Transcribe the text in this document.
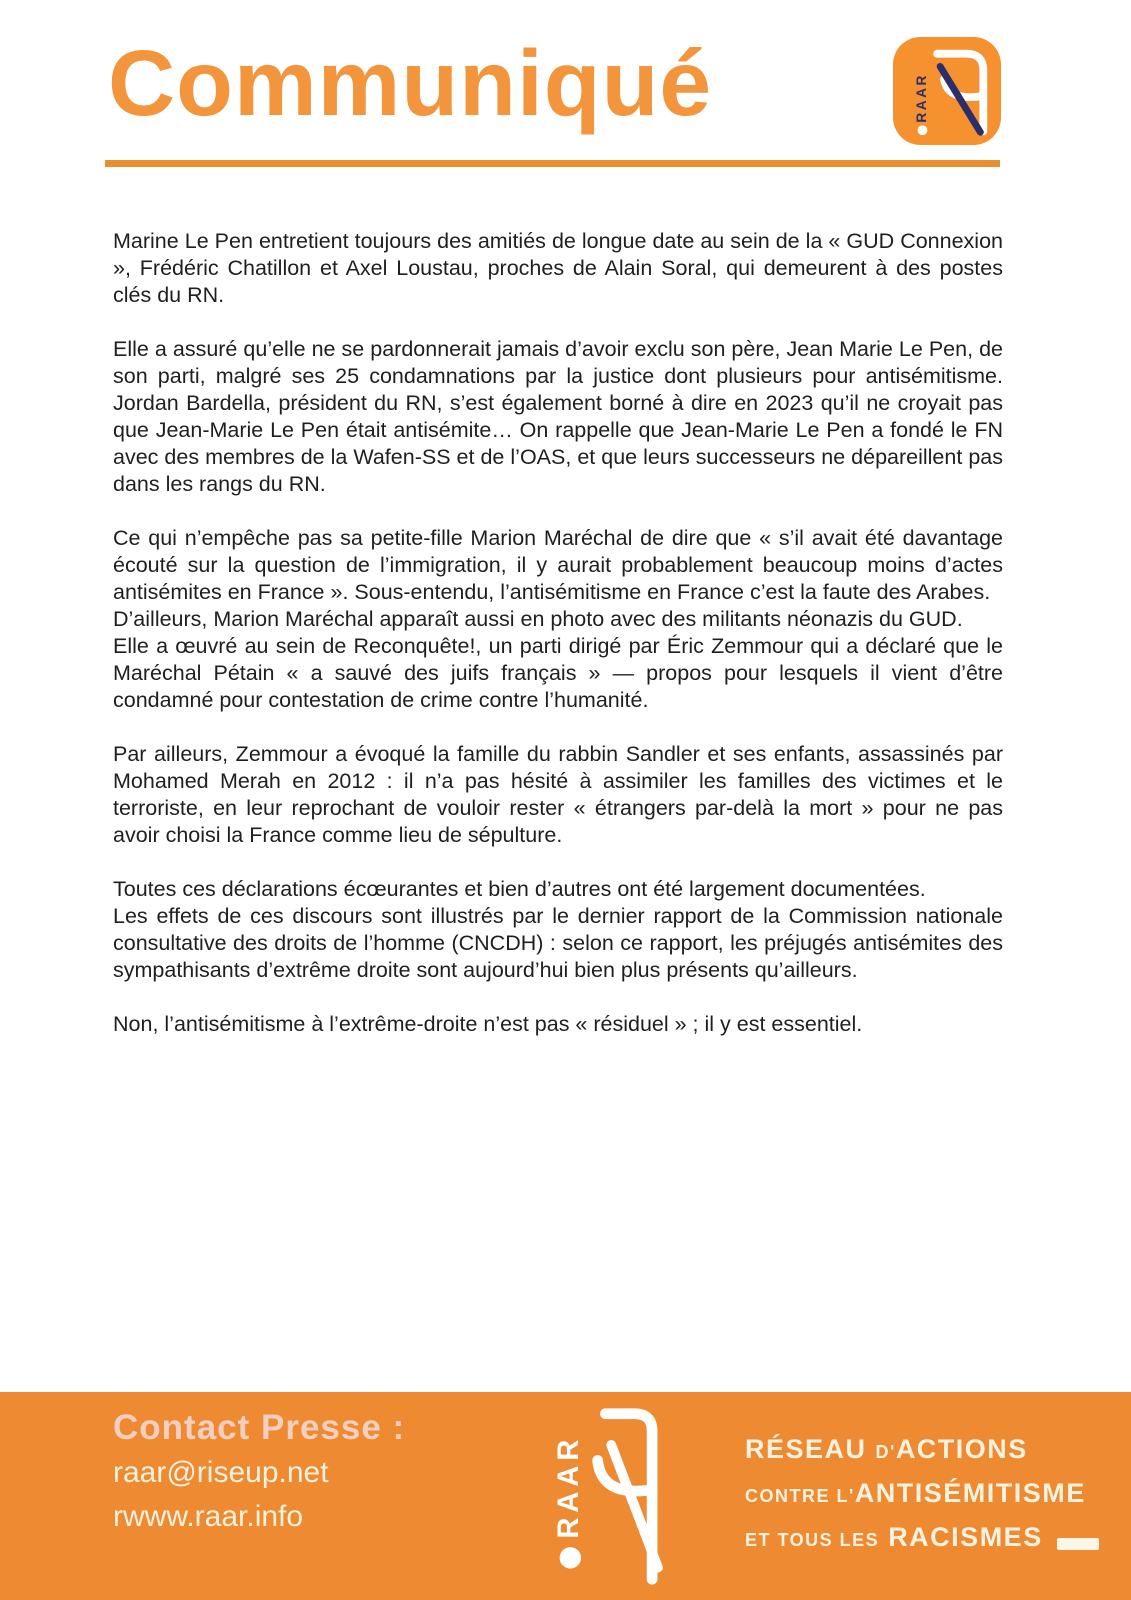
Communiqué	RAAR

Marine Le Pen entretient toujours des amitiés de longue date au sein de la « GUD Connexion », Frédéric Chatillon et Axel Loustau, proches de Alain Soral, qui demeurent à des postes clés du RN.

Elle a assuré qu’elle ne se pardonnerait jamais d’avoir exclu son père, Jean Marie Le Pen, de son parti, malgré ses 25 condamnations par la justice dont plusieurs pour antisémitisme. Jordan Bardella, président du RN, s’est également borné à dire en 2023 qu’il ne croyait pas que Jean-Marie Le Pen était antisémite… On rappelle que Jean-Marie Le Pen a fondé le FN avec des membres de la Wafen-SS et de l’OAS, et que leurs successeurs ne dépareillent pas dans les rangs du RN.

Ce qui n’empêche pas sa petite-fille Marion Maréchal de dire que « s’il avait été davantage écouté sur la question de l’immigration, il y aurait probablement beaucoup moins d’actes antisémites en France ». Sous-entendu, l’antisémitisme en France c’est la faute des Arabes.

D’ailleurs, Marion Maréchal apparaît aussi en photo avec des militants néonazis du GUD.

Elle a œuvré au sein de Reconquête!, un parti dirigé par Éric Zemmour qui a déclaré que le Maréchal Pétain « a sauvé des juifs français » — propos pour lesquels il vient d’être condamné pour contestation de crime contre l’humanité.

Par ailleurs, Zemmour a évoqué la famille du rabbin Sandler et ses enfants, assassinés par Mohamed Merah en 2012 : il n’a pas hésité à assimiler les familles des victimes et le terroriste, en leur reprochant de vouloir rester « étrangers par-delà la mort » pour ne pas avoir choisi la France comme lieu de sépulture.

Toutes ces déclarations écœurantes et bien d’autres ont été largement documentées.

Les effets de ces discours sont illustrés par le dernier rapport de la Commission nationale consultative des droits de l’homme (CNCDH) : selon ce rapport, les préjugés antisémites des sympathisants d’extrême droite sont aujourd’hui bien plus présents qu’ailleurs.

Non, l’antisémitisme à l’extrême-droite n’est pas « résiduel » ; il y est essentiel.

Contact Presse :
raar@riseup.net
rwww.raar.info	RAAR	RÉSEAU D' ACTIONS
CONTRE L' ANTISÉMITISME
ET TOUS LES RACISMES
